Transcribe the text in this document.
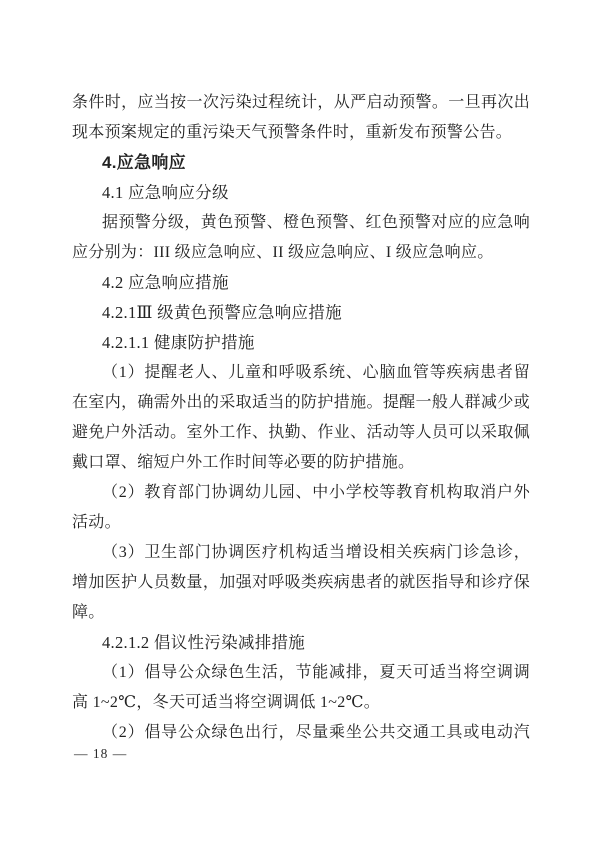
条件时，应当按一次污染过程统计，从严启动预警。一旦再次出
现本预案规定的重污染天气预警条件时，重新发布预警公告。
4.应急响应
4.1 应急响应分级
据预警分级，黄色预警、橙色预警、红色预警对应的应急响
应分别为：III 级应急响应、II 级应急响应、I 级应急响应。
4.2 应急响应措施
4.2.1Ⅲ 级黄色预警应急响应措施
4.2.1.1 健康防护措施
（1）提醒老人、儿童和呼吸系统、心脑血管等疾病患者留
在室内，确需外出的采取适当的防护措施。提醒一般人群减少或
避免户外活动。室外工作、执勤、作业、活动等人员可以采取佩
戴口罩、缩短户外工作时间等必要的防护措施。
（2）教育部门协调幼儿园、中小学校等教育机构取消户外
活动。
（3）卫生部门协调医疗机构适当增设相关疾病门诊急诊，
增加医护人员数量，加强对呼吸类疾病患者的就医指导和诊疗保
障。
4.2.1.2 倡议性污染减排措施
（1）倡导公众绿色生活，节能减排，夏天可适当将空调调
高 1~2℃，冬天可适当将空调调低 1~2℃。
（2）倡导公众绿色出行，尽量乘坐公共交通工具或电动汽
— 18 —
